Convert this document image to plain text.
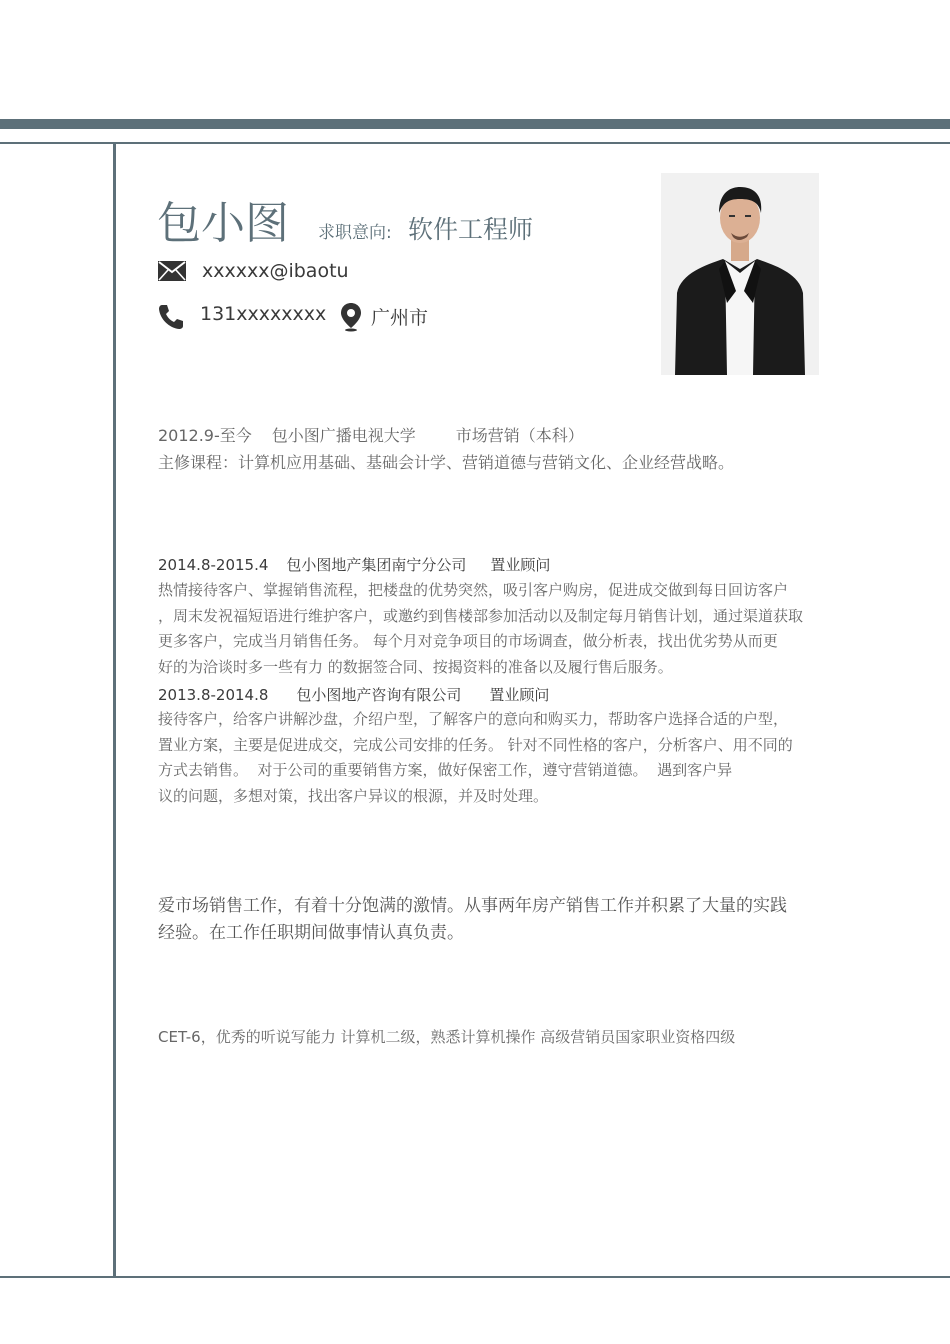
包小图 求职意向: 软件工程师
xxxxxx@ibaotu
131xxxxxxxx 广州市
2012.9-至今 包小图广播电视大学	市场营销（本科）
主修课程：计算机应用基础、基础会计学、营销道德与营销文化、企业经营战略。
2014.8-2015.4 包小图地产集团南宁分公司 置业顾问
热情接待客户、掌握销售流程，把楼盘的优势突然，吸引客户购房，促进成交做到每日回访客户
，周末发祝福短语进行维护客户，或邀约到售楼部参加活动以及制定每月销售计划，通过渠道获取
更多客户，完成当月销售任务。 每个月对竞争项目的市场调查，做分析表，找出优劣势从而更
好的为洽谈时多一些有力 的数据签合同、按揭资料的准备以及履行售后服务。
2013.8-2014.8 包小图地产咨询有限公司 置业顾问
接待客户，给客户讲解沙盘，介绍户型，了解客户的意向和购买力，帮助客户选择合适的户型，
置业方案，主要是促进成交，完成公司安排的任务。 针对不同性格的客户，分析客户、用不同的
方式去销售。  对于公司的重要销售方案，做好保密工作，遵守营销道德。  遇到客户异
议的问题，多想对策，找出客户异议的根源，并及时处理。
爱市场销售工作，有着十分饱满的激情。从事两年房产销售工作并积累了大量的实践
经验。在工作任职期间做事情认真负责。
CET-6，优秀的听说写能力 计算机二级，熟悉计算机操作 高级营销员国家职业资格四级
